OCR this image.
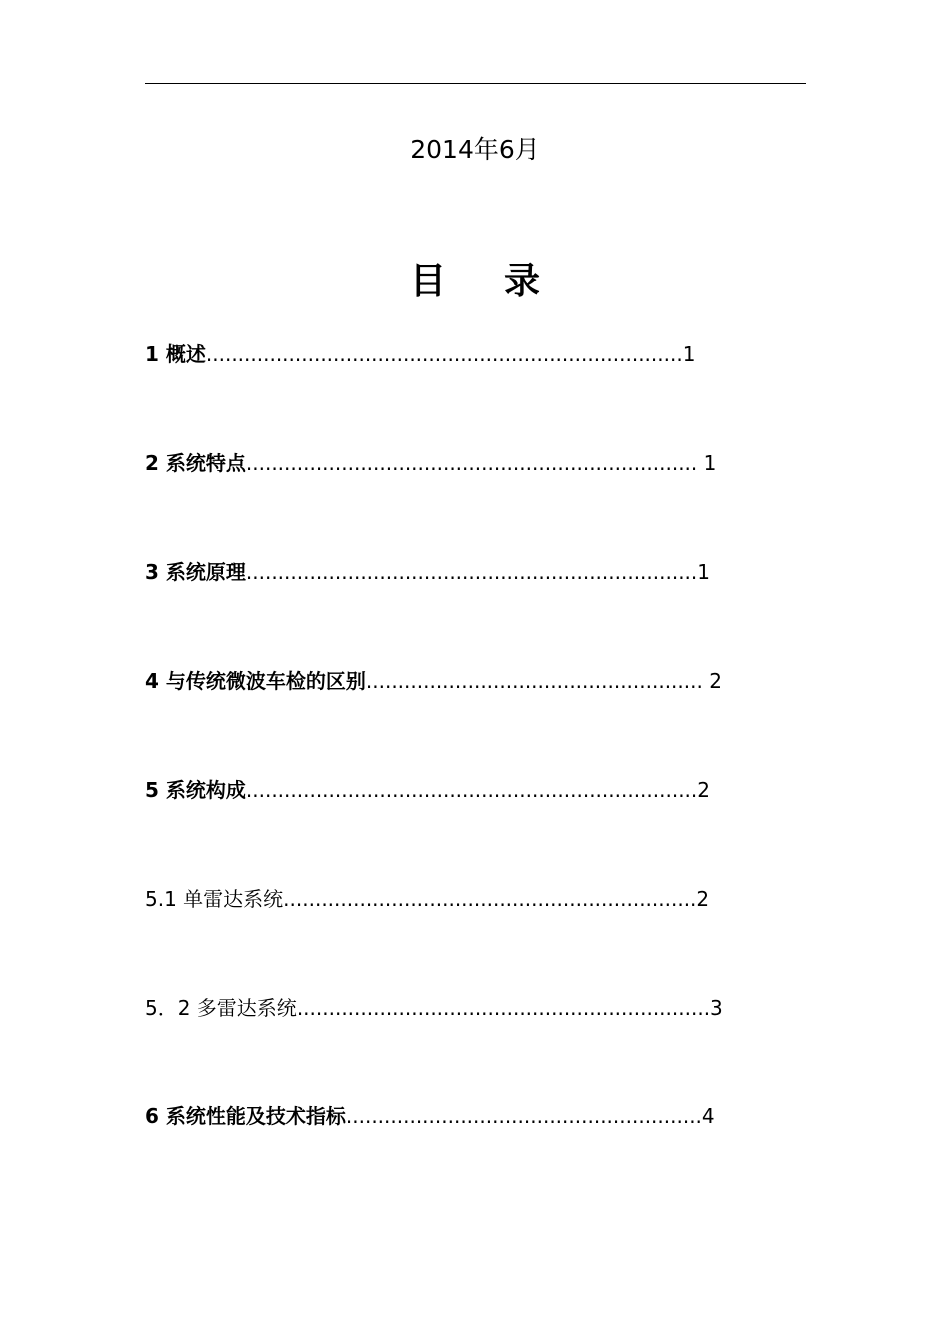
2014年6月
目 录
1 概述...........................................................................1
2 系统特点....................................................................... 1
3 系统原理.......................................................................1
4 与传统微波车检的区别..................................................... 2
5 系统构成.......................................................................2
5.1 单雷达系统.................................................................2
5．2 多雷达系统.................................................................3
6 系统性能及技术指标........................................................4
